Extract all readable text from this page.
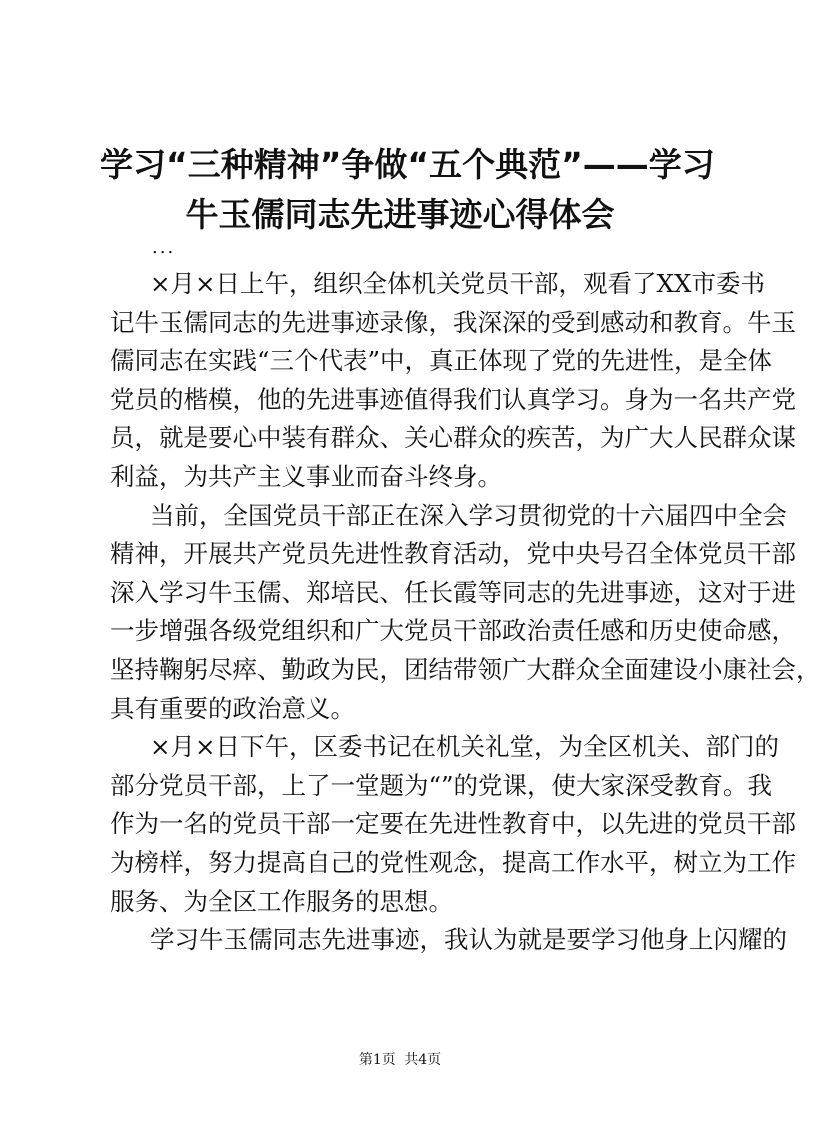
学习“三种精神”争做“五个典范”——学习
牛玉儒同志先进事迹心得体会
...

×月×日上午，组织全体机关党员干部，观看了XX市委书
记牛玉儒同志的先进事迹录像，我深深的受到感动和教育。牛玉
儒同志在实践“三个代表”中，真正体现了党的先进性，是全体
党员的楷模，他的先进事迹值得我们认真学习。身为一名共产党
员，就是要心中装有群众、关心群众的疾苦，为广大人民群众谋
利益，为共产主义事业而奋斗终身。

当前，全国党员干部正在深入学习贯彻党的十六届四中全会
精神，开展共产党员先进性教育活动，党中央号召全体党员干部
深入学习牛玉儒、郑培民、任长霞等同志的先进事迹，这对于进
一步增强各级党组织和广大党员干部政治责任感和历史使命感，
坚持鞠躬尽瘁、勤政为民，团结带领广大群众全面建设小康社会，
具有重要的政治意义。

×月×日下午，区委书记在机关礼堂，为全区机关、部门的
部分党员干部，上了一堂题为“”的党课，使大家深受教育。我
作为一名的党员干部一定要在先进性教育中，以先进的党员干部
为榜样，努力提高自己的党性观念，提高工作水平，树立为工作
服务、为全区工作服务的思想。

学习牛玉儒同志先进事迹，我认为就是要学习他身上闪耀的

第1页 共4页
